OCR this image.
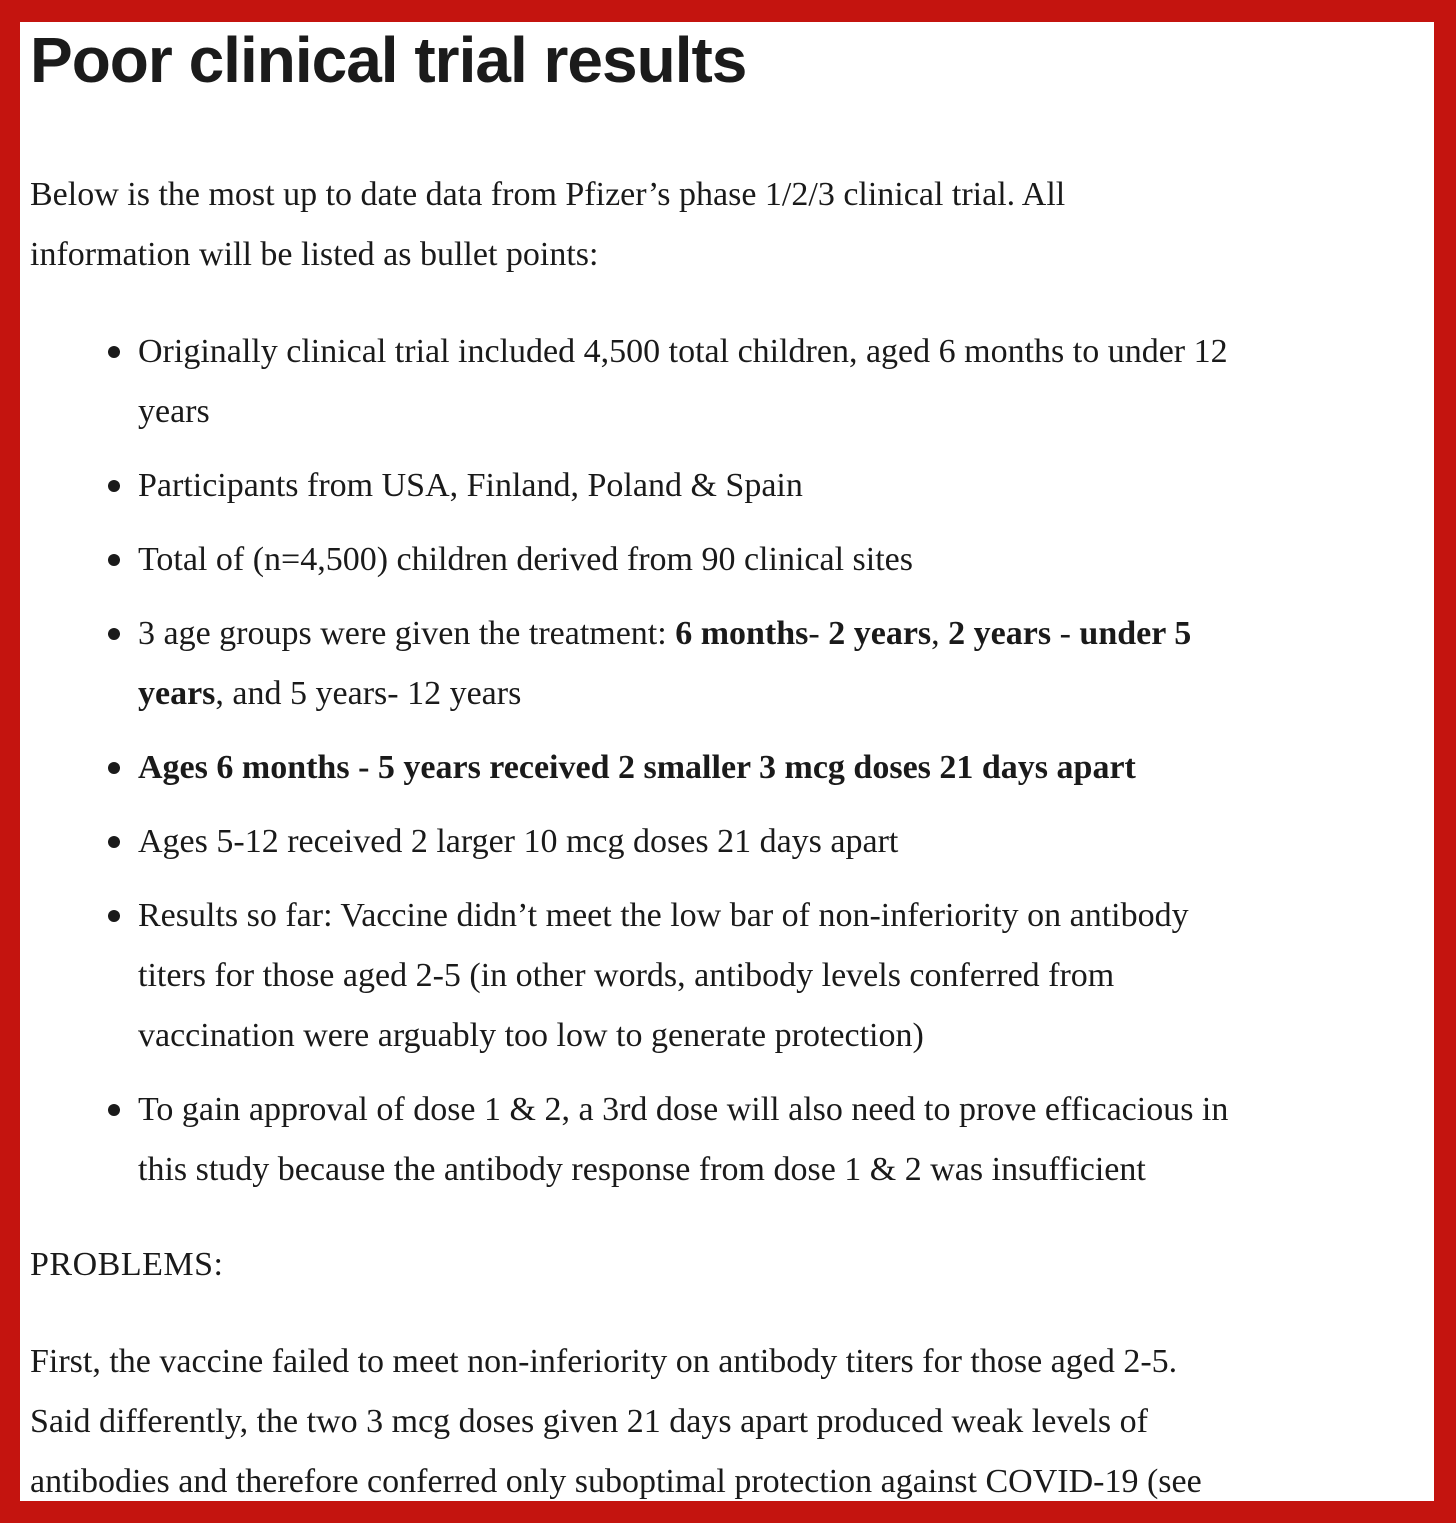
Poor clinical trial results

Below is the most up to date data from Pfizer’s phase 1/2/3 clinical trial. All
information will be listed as bullet points:

Originally clinical trial included 4,500 total children, aged 6 months to under 12
years
Participants from USA, Finland, Poland & Spain
Total of (n=4,500) children derived from 90 clinical sites
3 age groups were given the treatment: 6 months- 2 years, 2 years - under 5
years, and 5 years- 12 years
Ages 6 months - 5 years received 2 smaller 3 mcg doses 21 days apart
Ages 5-12 received 2 larger 10 mcg doses 21 days apart
Results so far: Vaccine didn’t meet the low bar of non-inferiority on antibody
titers for those aged 2-5 (in other words, antibody levels conferred from
vaccination were arguably too low to generate protection)
To gain approval of dose 1 & 2, a 3rd dose will also need to prove efficacious in
this study because the antibody response from dose 1 & 2 was insufficient

PROBLEMS:

First, the vaccine failed to meet non-inferiority on antibody titers for those aged 2-5.
Said differently, the two 3 mcg doses given 21 days apart produced weak levels of
antibodies and therefore conferred only suboptimal protection against COVID-19 (see
